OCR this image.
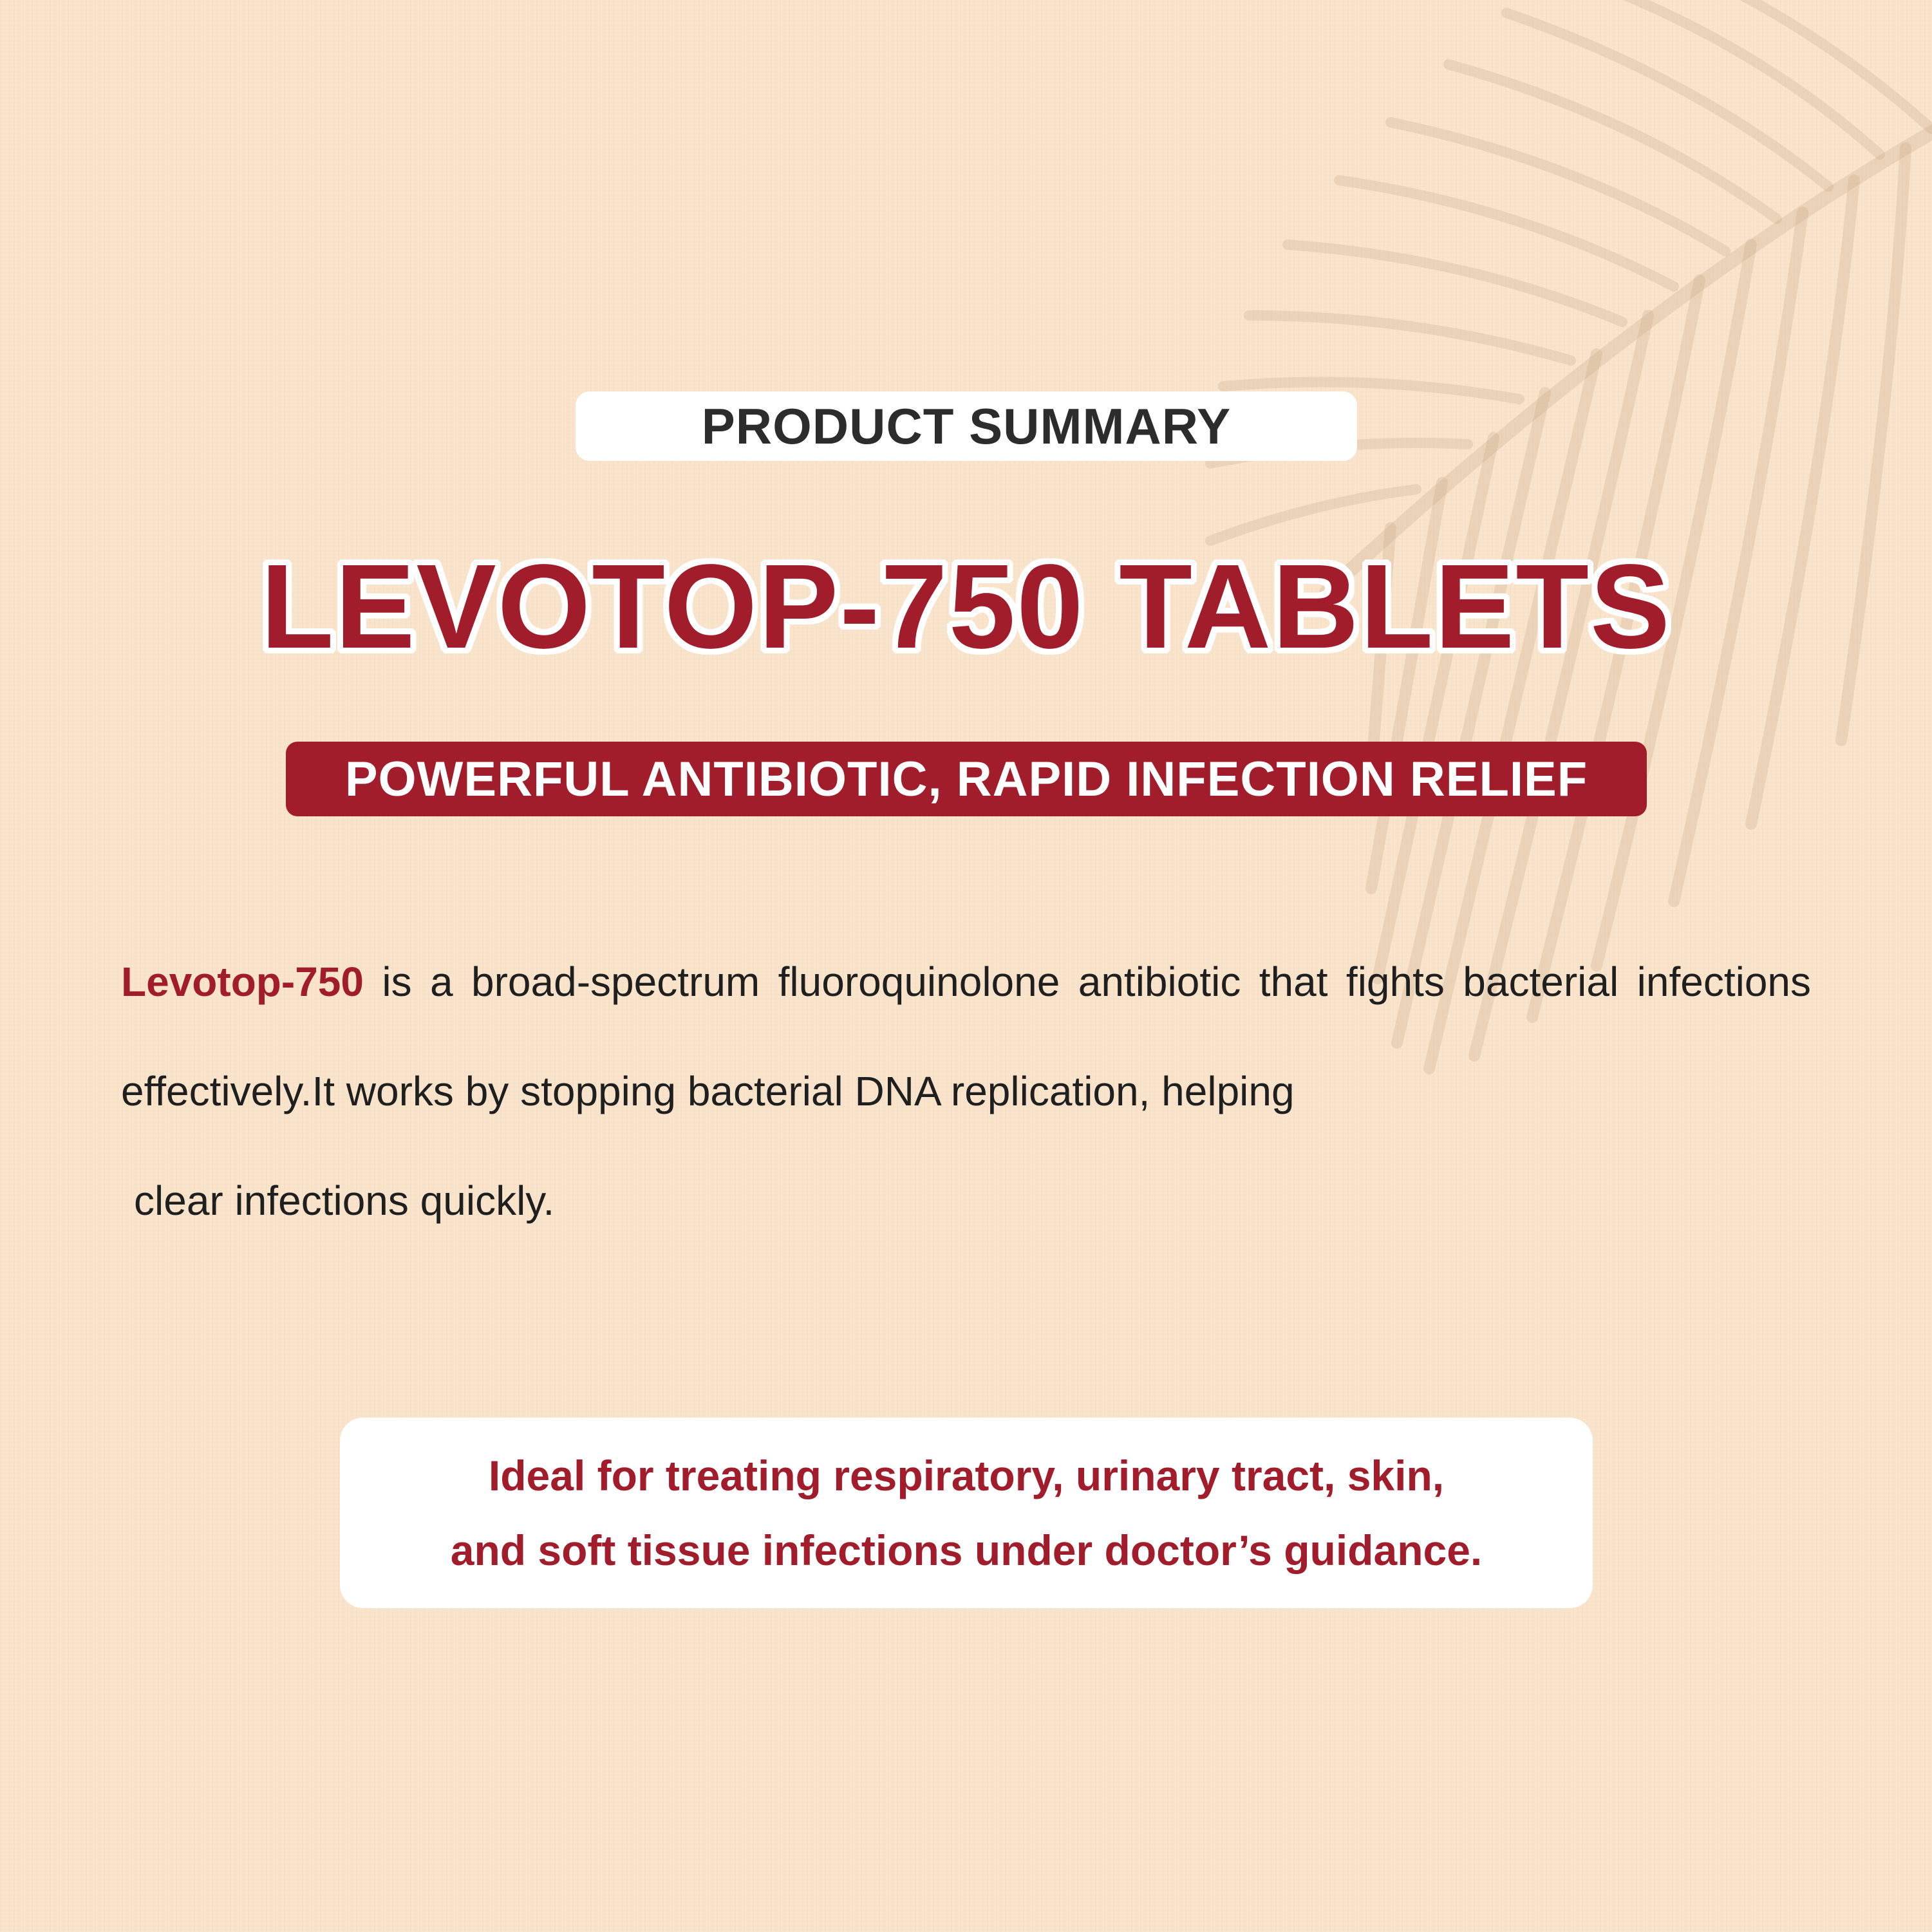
PRODUCT SUMMARY
LEVOTOP-750 TABLETS
POWERFUL ANTIBIOTIC, RAPID INFECTION RELIEF
Levotop-750 is a broad-spectrum fluoroquinolone antibiotic that fights bacterial infections effectively.It works by stopping bacterial DNA replication, helping
clear infections quickly.
Ideal for treating respiratory, urinary tract, skin,
and soft tissue infections under doctor’s guidance.
